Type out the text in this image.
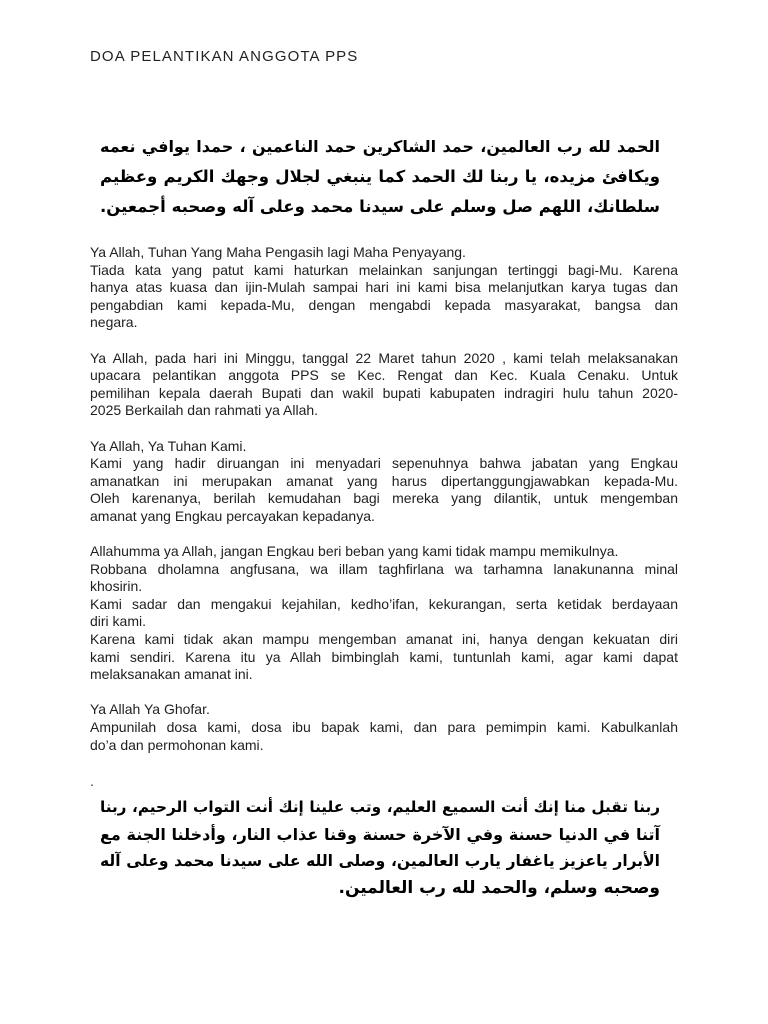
DOA PELANTIKAN ANGGOTA PPS
الحمد لله رب العالمين، حمد الشاكرين حمد الناعمين ، حمدا يوافي نعمه
ويكافئ مزيده، يا ربنا لك الحمد كما ينبغي لجلال وجهك الكريم وعظيم
سلطانك، اللهم صل وسلم على سيدنا محمد وعلى آله وصحبه أجمعين.
Ya Allah, Tuhan Yang Maha Pengasih lagi Maha Penyayang.
Tiada kata yang patut kami haturkan melainkan sanjungan tertinggi bagi-Mu. Karena
hanya atas kuasa dan ijin-Mulah sampai hari ini kami bisa melanjutkan karya tugas dan
pengabdian kami kepada-Mu, dengan mengabdi kepada masyarakat, bangsa dan
negara.
Ya Allah, pada hari ini Minggu, tanggal 22 Maret tahun 2020 , kami telah melaksanakan
upacara pelantikan anggota PPS se Kec. Rengat dan Kec. Kuala Cenaku. Untuk
pemilihan kepala daerah Bupati dan wakil bupati kabupaten indragiri hulu tahun 2020-
2025 Berkailah dan rahmati ya Allah.
Ya Allah, Ya Tuhan Kami.
Kami yang hadir diruangan ini menyadari sepenuhnya bahwa jabatan yang Engkau
amanatkan ini merupakan amanat yang harus dipertanggungjawabkan kepada-Mu.
Oleh karenanya, berilah kemudahan bagi mereka yang dilantik, untuk mengemban
amanat yang Engkau percayakan kepadanya.
Allahumma ya Allah, jangan Engkau beri beban yang kami tidak mampu memikulnya.
Robbana dholamna angfusana, wa illam taghfirlana wa tarhamna lanakunanna minal
khosirin.
Kami sadar dan mengakui kejahilan, kedho’ifan, kekurangan, serta ketidak berdayaan
diri kami.
Karena kami tidak akan mampu mengemban amanat ini, hanya dengan kekuatan diri
kami sendiri. Karena itu ya Allah bimbinglah kami, tuntunlah kami, agar kami dapat
melaksanakan amanat ini.
Ya Allah Ya Ghofar.
Ampunilah dosa kami, dosa ibu bapak kami, dan para pemimpin kami. Kabulkanlah
do’a dan permohonan kami.
.
ربنا تقبل منا إنك أنت السميع العليم، وتب علينا إنك أنت التواب الرحيم، ربنا
آتنا في الدنيا حسنة وفي الآخرة حسنة وقنا عذاب النار، وأدخلنا الجنة مع
الأبرار ياعزيز ياغفار يارب العالمين، وصلى الله على سيدنا محمد وعلى آله
وصحبه وسلم، والحمد لله رب العالمين.
